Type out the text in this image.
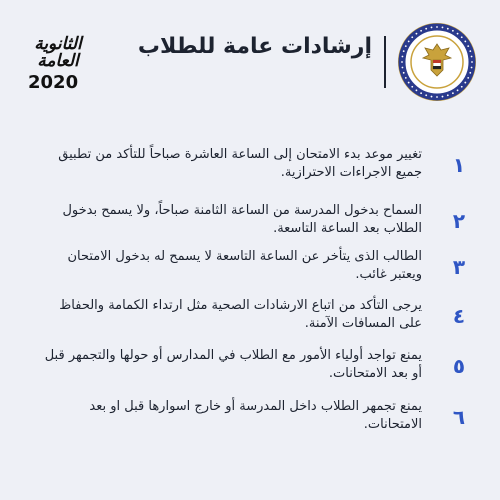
الثانوية العامة
2020
إرشادات عامة للطلاب
١
تغيير موعد بدء الامتحان إلى الساعة العاشرة صباحاً للتأكد من تطبيق جميع الاجراءات الاحترازية.
٢
السماح بدخول المدرسة من الساعة الثامنة صباحاً، ولا يسمح بدخول الطلاب بعد الساعة التاسعة.
٣
الطالب الذى يتأخر عن الساعة التاسعة لا يسمح له بدخول الامتحان ويعتبر غائب.
٤
يرجى التأكد من اتباع الارشادات الصحية مثل ارتداء الكمامة والحفاظ على المسافات الآمنة.
٥
يمنع تواجد أولياء الأمور مع الطلاب في المدارس أو حولها والتجمهر قبل أو بعد الامتحانات.
٦
يمنع تجمهر الطلاب داخل المدرسة أو خارج اسوارها قبل او بعد الامتحانات.
